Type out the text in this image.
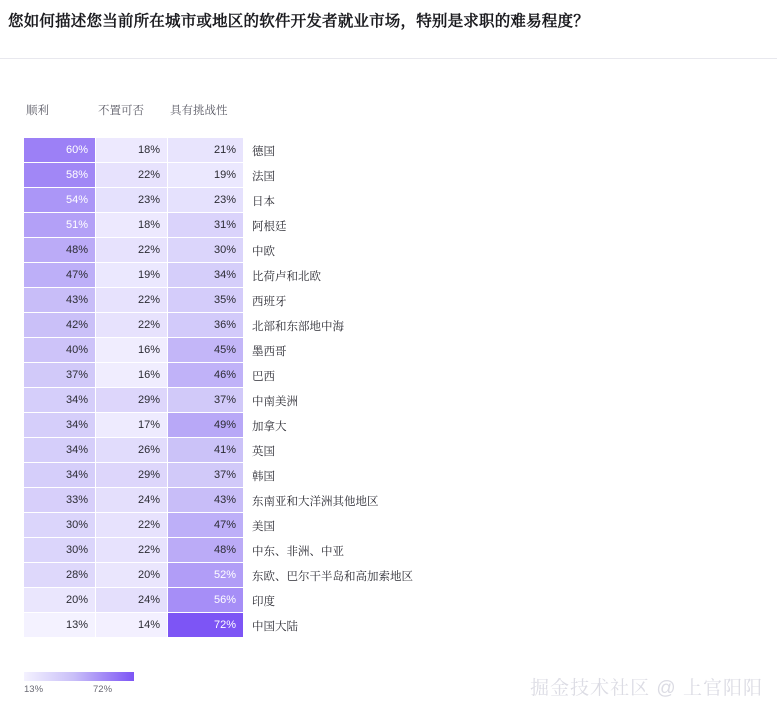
您如何描述您当前所在城市或地区的软件开发者就业市场，特别是求职的难易程度？
顺利	不置可否	具有挑战性
60%	18%	21%	德国
58%	22%	19%	法国
54%	23%	23%	日本
51%	18%	31%	阿根廷
48%	22%	30%	中欧
47%	19%	34%	比荷卢和北欧
43%	22%	35%	西班牙
42%	22%	36%	北部和东部地中海
40%	16%	45%	墨西哥
37%	16%	46%	巴西
34%	29%	37%	中南美洲
34%	17%	49%	加拿大
34%	26%	41%	英国
34%	29%	37%	韩国
33%	24%	43%	东南亚和大洋洲其他地区
30%	22%	47%	美国
30%	22%	48%	中东、非洲、中亚
28%	20%	52%	东欧、巴尔干半岛和高加索地区
20%	24%	56%	印度
13%	14%	72%	中国大陆
13%	72%	掘金技术社区 @ 上官阳阳
